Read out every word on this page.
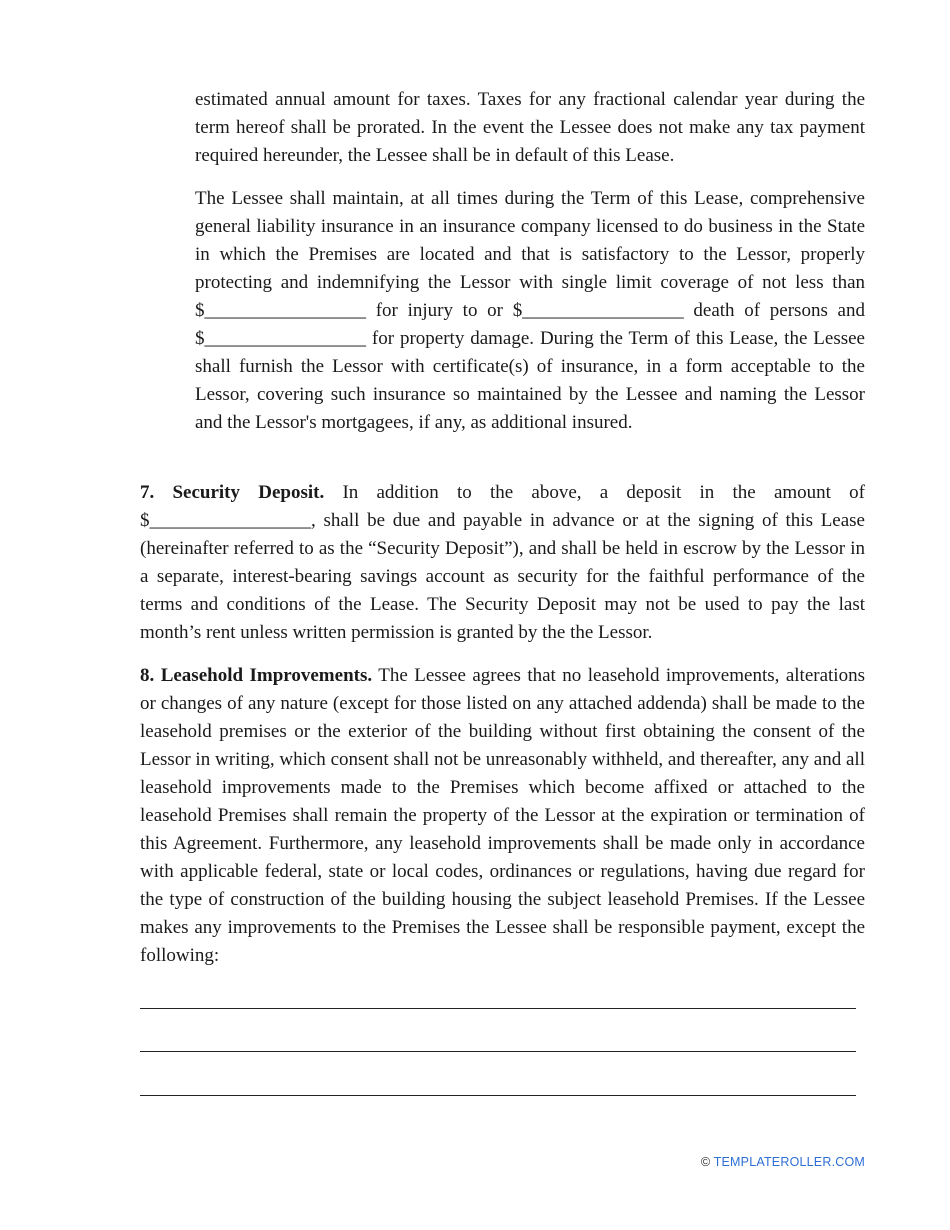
estimated annual amount for taxes. Taxes for any fractional calendar year during the term hereof shall be prorated. In the event the Lessee does not make any tax payment required hereunder, the Lessee shall be in default of this Lease.

The Lessee shall maintain, at all times during the Term of this Lease, comprehensive general liability insurance in an insurance company licensed to do business in the State in which the Premises are located and that is satisfactory to the Lessor, properly protecting and indemnifying the Lessor with single limit coverage of not less than $_________________ for injury to or $_________________ death of persons and $_________________ for property damage. During the Term of this Lease, the Lessee shall furnish the Lessor with certificate(s) of insurance, in a form acceptable to the Lessor, covering such insurance so maintained by the Lessee and naming the Lessor and the Lessor's mortgagees, if any, as additional insured.

7. Security Deposit. In addition to the above, a deposit in the amount of $_________________, shall be due and payable in advance or at the signing of this Lease (hereinafter referred to as the “Security Deposit”), and shall be held in escrow by the Lessor in a separate, interest-bearing savings account as security for the faithful performance of the terms and conditions of the Lease. The Security Deposit may not be used to pay the last month’s rent unless written permission is granted by the the Lessor.

8. Leasehold Improvements. The Lessee agrees that no leasehold improvements, alterations or changes of any nature (except for those listed on any attached addenda) shall be made to the leasehold premises or the exterior of the building without first obtaining the consent of the Lessor in writing, which consent shall not be unreasonably withheld, and thereafter, any and all leasehold improvements made to the Premises which become affixed or attached to the leasehold Premises shall remain the property of the Lessor at the expiration or termination of this Agreement. Furthermore, any leasehold improvements shall be made only in accordance with applicable federal, state or local codes, ordinances or regulations, having due regard for the type of construction of the building housing the subject leasehold Premises. If the Lessee makes any improvements to the Premises the Lessee shall be responsible payment, except the following:

© TEMPLATEROLLER.COM
